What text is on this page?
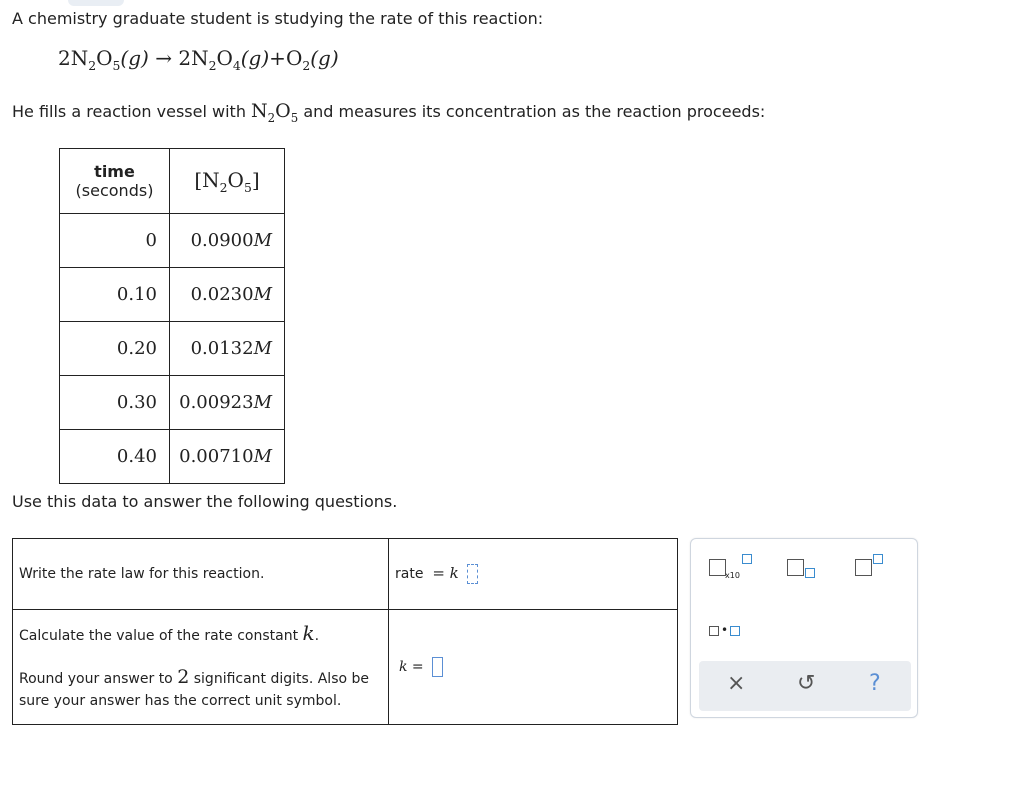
A chemistry graduate student is studying the rate of this reaction:
$2N_2O_5(g) \to 2N_2O_4(g)+O_2(g)$
He fills a reaction vessel with $N_2O_5$ and measures its concentration as the reaction proceeds:
time
(seconds)	$[N_2O_5]$
0	0.0900M
0.10	0.0230M
0.20	0.0132M
0.30	0.00923M
0.40	0.00710M
Use this data to answer the following questions.
Write the rate law for this reaction.	rate = k

Calculate the value of the rate constant k.
Round your answer to 2 significant digits. Also be sure your answer has the correct unit symbol.	k =
x10
•
× ↺ ?
